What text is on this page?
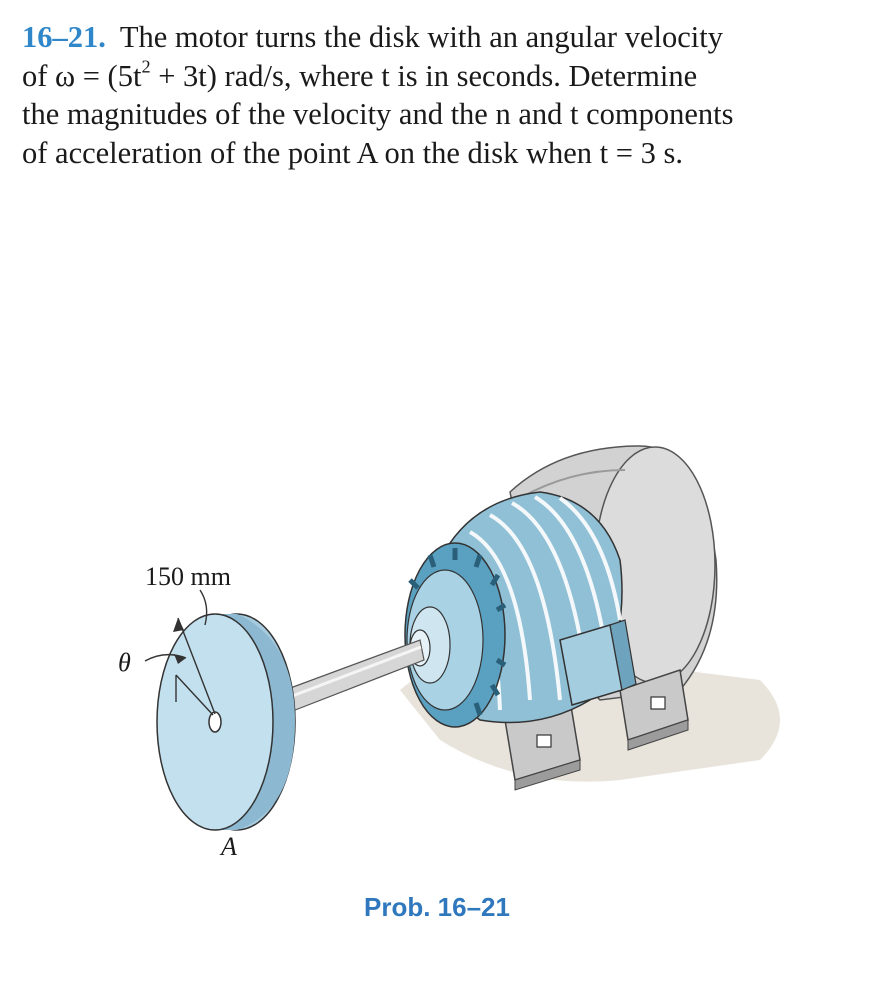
16–21. The motor turns the disk with an angular velocity
of $\omega = (5t^2 + 3t)$ rad/s, where t is in seconds. Determine
the magnitudes of the velocity and the n and t components
of acceleration of the point A on the disk when t = 3 s.
150 mm
θ
A
Prob. 16–21
